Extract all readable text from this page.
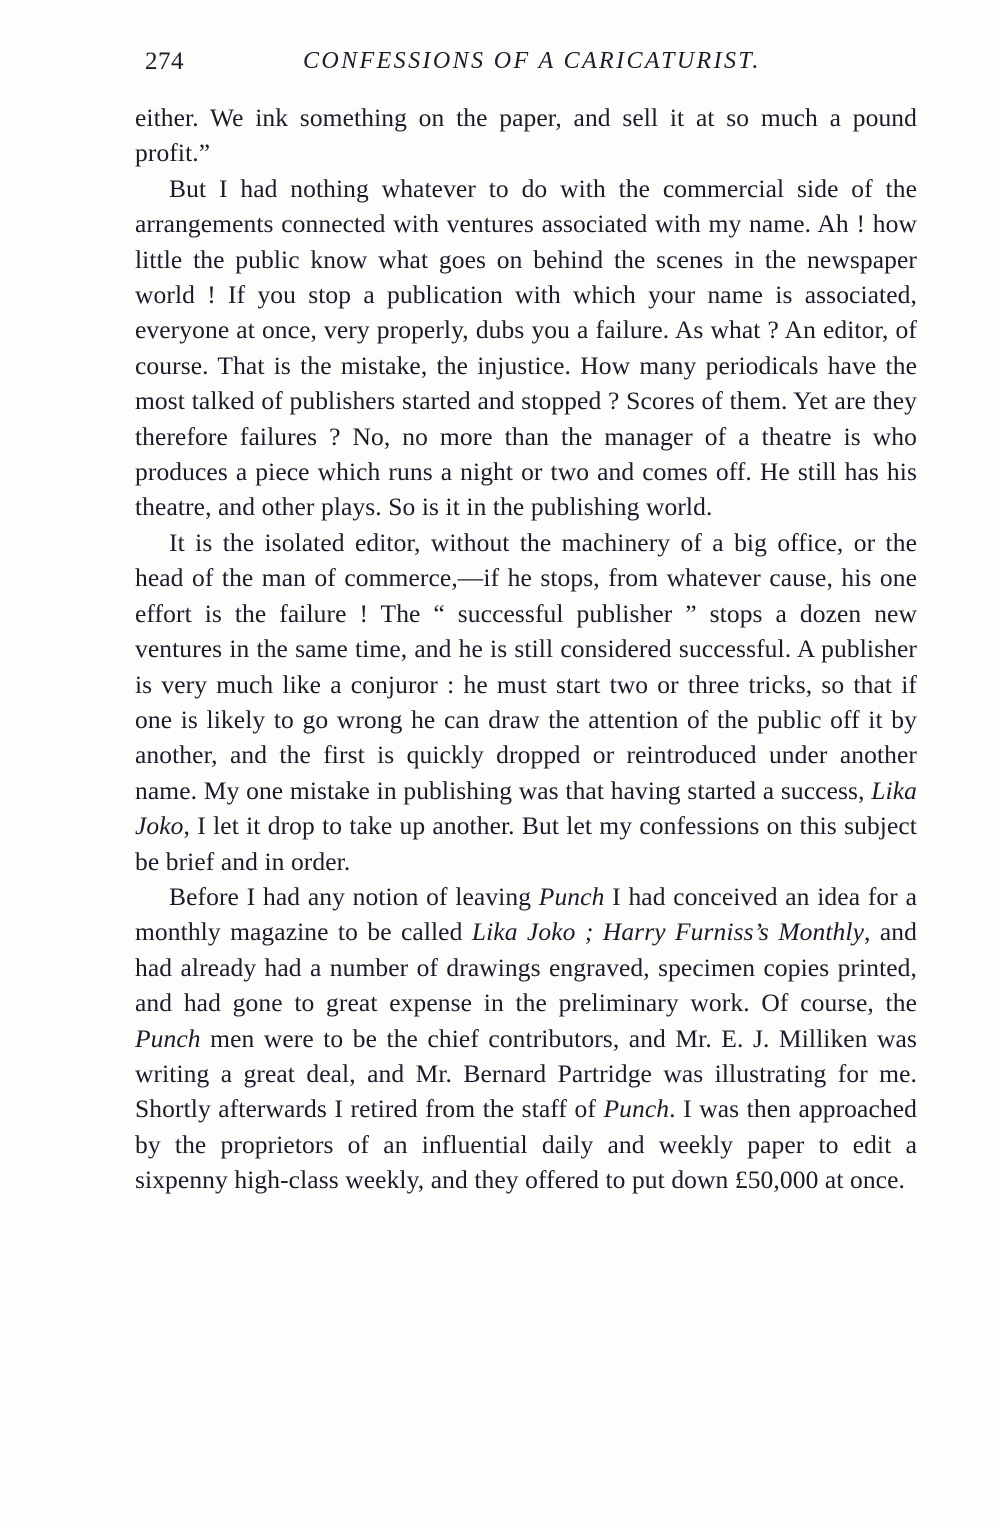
274	CONFESSIONS OF A CARICATURIST.

either. We ink something on the paper, and sell it at so much a pound profit.”

But I had nothing whatever to do with the commercial side of the arrangements connected with ventures associated with my name. Ah ! how little the public know what goes on behind the scenes in the newspaper world ! If you stop a publication with which your name is associated, everyone at once, very properly, dubs you a failure. As what ? An editor, of course. That is the mistake, the injustice. How many periodicals have the most talked of publishers started and stopped ? Scores of them. Yet are they therefore failures ? No, no more than the manager of a theatre is who produces a piece which runs a night or two and comes off. He still has his theatre, and other plays. So is it in the publishing world.

It is the isolated editor, without the machinery of a big office, or the head of the man of commerce,—if he stops, from whatever cause, his one effort is the failure ! The “ successful publisher ” stops a dozen new ventures in the same time, and he is still considered successful. A publisher is very much like a conjuror : he must start two or three tricks, so that if one is likely to go wrong he can draw the attention of the public off it by another, and the first is quickly dropped or reintroduced under another name. My one mistake in publishing was that having started a success, Lika Joko, I let it drop to take up another. But let my confessions on this subject be brief and in order.

Before I had any notion of leaving Punch I had conceived an idea for a monthly magazine to be called Lika Joko ; Harry Furniss’s Monthly, and had already had a number of drawings engraved, specimen copies printed, and had gone to great expense in the preliminary work. Of course, the Punch men were to be the chief contributors, and Mr. E. J. Milliken was writing a great deal, and Mr. Bernard Partridge was illustrating for me. Shortly afterwards I retired from the staff of Punch. I was then approached by the proprietors of an influential daily and weekly paper to edit a sixpenny high-class weekly, and they offered to put down £50,000 at once.
